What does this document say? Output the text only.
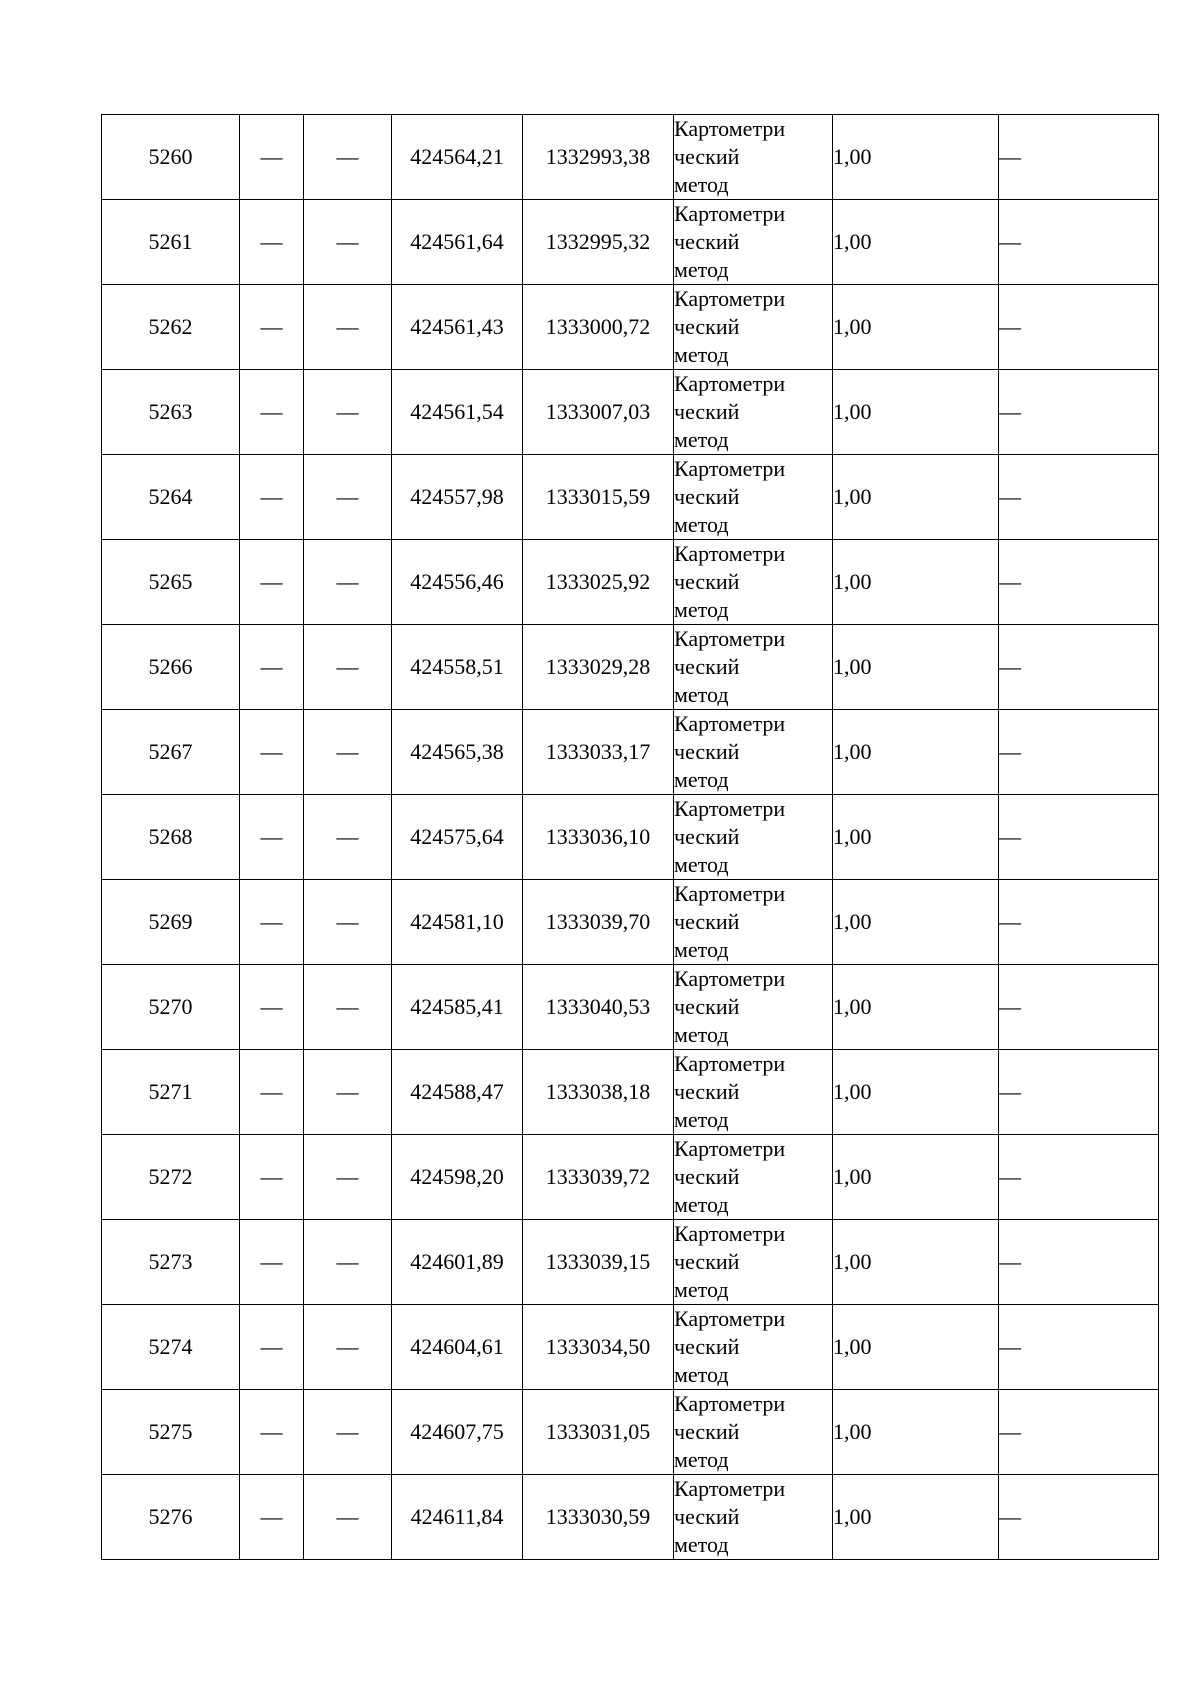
5260	—	—	424564,21	1332993,38	Картометри
ческий
метод	1,00	—
5261	—	—	424561,64	1332995,32	Картометри
ческий
метод	1,00	—
5262	—	—	424561,43	1333000,72	Картометри
ческий
метод	1,00	—
5263	—	—	424561,54	1333007,03	Картометри
ческий
метод	1,00	—
5264	—	—	424557,98	1333015,59	Картометри
ческий
метод	1,00	—
5265	—	—	424556,46	1333025,92	Картометри
ческий
метод	1,00	—
5266	—	—	424558,51	1333029,28	Картометри
ческий
метод	1,00	—
5267	—	—	424565,38	1333033,17	Картометри
ческий
метод	1,00	—
5268	—	—	424575,64	1333036,10	Картометри
ческий
метод	1,00	—
5269	—	—	424581,10	1333039,70	Картометри
ческий
метод	1,00	—
5270	—	—	424585,41	1333040,53	Картометри
ческий
метод	1,00	—
5271	—	—	424588,47	1333038,18	Картометри
ческий
метод	1,00	—
5272	—	—	424598,20	1333039,72	Картометри
ческий
метод	1,00	—
5273	—	—	424601,89	1333039,15	Картометри
ческий
метод	1,00	—
5274	—	—	424604,61	1333034,50	Картометри
ческий
метод	1,00	—
5275	—	—	424607,75	1333031,05	Картометри
ческий
метод	1,00	—
5276	—	—	424611,84	1333030,59	Картометри
ческий
метод	1,00	—
